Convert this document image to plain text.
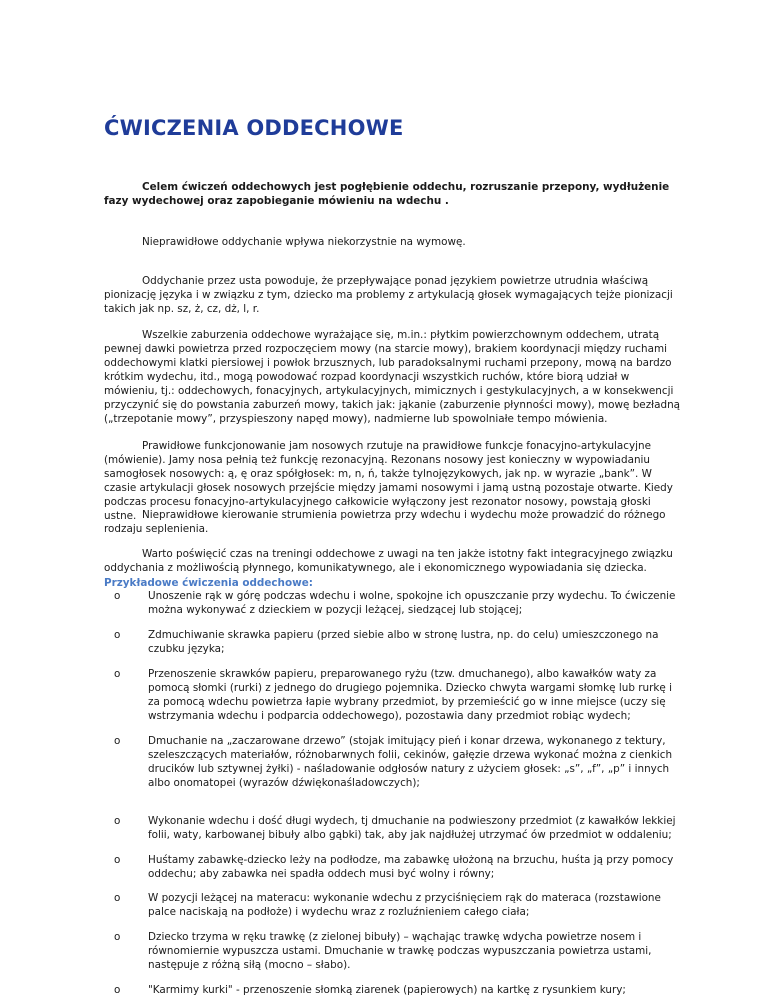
ĆWICZENIA ODDECHOWE

Celem ćwiczeń oddechowych jest pogłębienie oddechu, rozruszanie przepony, wydłużenie fazy wydechowej oraz zapobieganie mówieniu na wdechu .

Nieprawidłowe oddychanie wpływa niekorzystnie na wymowę.

Oddychanie przez usta powoduje, że przepływające ponad językiem powietrze utrudnia właściwą pionizację języka i w związku z tym, dziecko ma problemy z artykulacją głosek wymagających tejże pionizacji takich jak np. sz, ż, cz, dż, l, r.

Wszelkie zaburzenia oddechowe wyrażające się, m.in.: płytkim powierzchownym oddechem, utratą pewnej dawki powietrza przed rozpoczęciem mowy (na starcie mowy), brakiem koordynacji między ruchami oddechowymi klatki piersiowej i powłok brzusznych, lub paradoksalnymi ruchami przepony, mową na bardzo krótkim wydechu, itd., mogą powodować rozpad koordynacji wszystkich ruchów, które biorą udział w mówieniu, tj.: oddechowych, fonacyjnych, artykulacyjnych, mimicznych i gestykulacyjnych, a w konsekwencji przyczynić się do powstania zaburzeń mowy, takich jak: jąkanie (zaburzenie płynności mowy), mowę bezładną („trzepotanie mowy”, przyspieszony napęd mowy), nadmierne lub spowolniałe tempo mówienia.

Prawidłowe funkcjonowanie jam nosowych rzutuje na prawidłowe funkcje fonacyjno-artykulacyjne (mówienie). Jamy nosa pełnią też funkcję rezonacyjną. Rezonans nosowy jest konieczny w wypowiadaniu samogłosek nosowych: ą, ę oraz spółgłosek: m, n, ń, także tylnojęzykowych, jak np. w wyrazie „bank”. W czasie artykulacji głosek nosowych przejście między jamami nosowymi i jamą ustną pozostaje otwarte. Kiedy podczas procesu fonacyjno-artykulacyjnego całkowicie wyłączony jest rezonator nosowy, powstają głoski ustne. Nieprawidłowe kierowanie strumienia powietrza przy wdechu i wydechu może prowadzić do różnego rodzaju seplenienia.

Warto poświęcić czas na treningi oddechowe z uwagi na ten jakże istotny fakt integracyjnego związku oddychania z możliwością płynnego, komunikatywnego, ale i ekonomicznego wypowiadania się dziecka.

Przykładowe ćwiczenia oddechowe:

o	Unoszenie rąk w górę podczas wdechu i wolne, spokojne ich opuszczanie przy wydechu. To ćwiczenie można wykonywać z dzieckiem w pozycji leżącej, siedzącej lub stojącej;
o	Zdmuchiwanie skrawka papieru (przed siebie albo w stronę lustra, np. do celu) umieszczonego na czubku języka;
o	Przenoszenie skrawków papieru, preparowanego ryżu (tzw. dmuchanego), albo kawałków waty za pomocą słomki (rurki) z jednego do drugiego pojemnika. Dziecko chwyta wargami słomkę lub rurkę i za pomocą wdechu powietrza łapie wybrany przedmiot, by przemieścić go w inne miejsce (uczy się wstrzymania wdechu i podparcia oddechowego), pozostawia dany przedmiot robiąc wydech;
o	Dmuchanie na „zaczarowane drzewo” (stojak imitujący pień i konar drzewa, wykonanego z tektury, szeleszczących materiałów, różnobarwnych folii, cekinów, gałęzie drzewa wykonać można z cienkich drucików lub sztywnej żyłki) - naśladowanie odgłosów natury z użyciem głosek: „s”, „f”, „p” i innych albo onomatopei (wyrazów dźwiękonaśladowczych);
o	Wykonanie wdechu i dość długi wydech, tj dmuchanie na podwieszony przedmiot (z kawałków lekkiej folii, waty, karbowanej bibuły albo gąbki) tak, aby jak najdłużej utrzymać ów przedmiot w oddaleniu;
o	Huśtamy zabawkę-dziecko leży na podłodze, ma zabawkę ułożoną na brzuchu, huśta ją przy pomocy oddechu; aby zabawka nei spadła oddech musi być wolny i równy;
o	W pozycji leżącej na materacu: wykonanie wdechu z przyciśnięciem rąk do materaca (rozstawione palce naciskają na podłoże) i wydechu wraz z rozluźnieniem całego ciała;
o	Dziecko trzyma w ręku trawkę (z zielonej bibuły) – wąchając trawkę wdycha powietrze nosem i równomiernie wypuszcza ustami. Dmuchanie w trawkę podczas wypuszczania powietrza ustami, następuje z różną siłą (mocno – słabo).
o	"Karmimy kurki" - przenoszenie słomką ziarenek (papierowych) na kartkę z rysunkiem kury;
